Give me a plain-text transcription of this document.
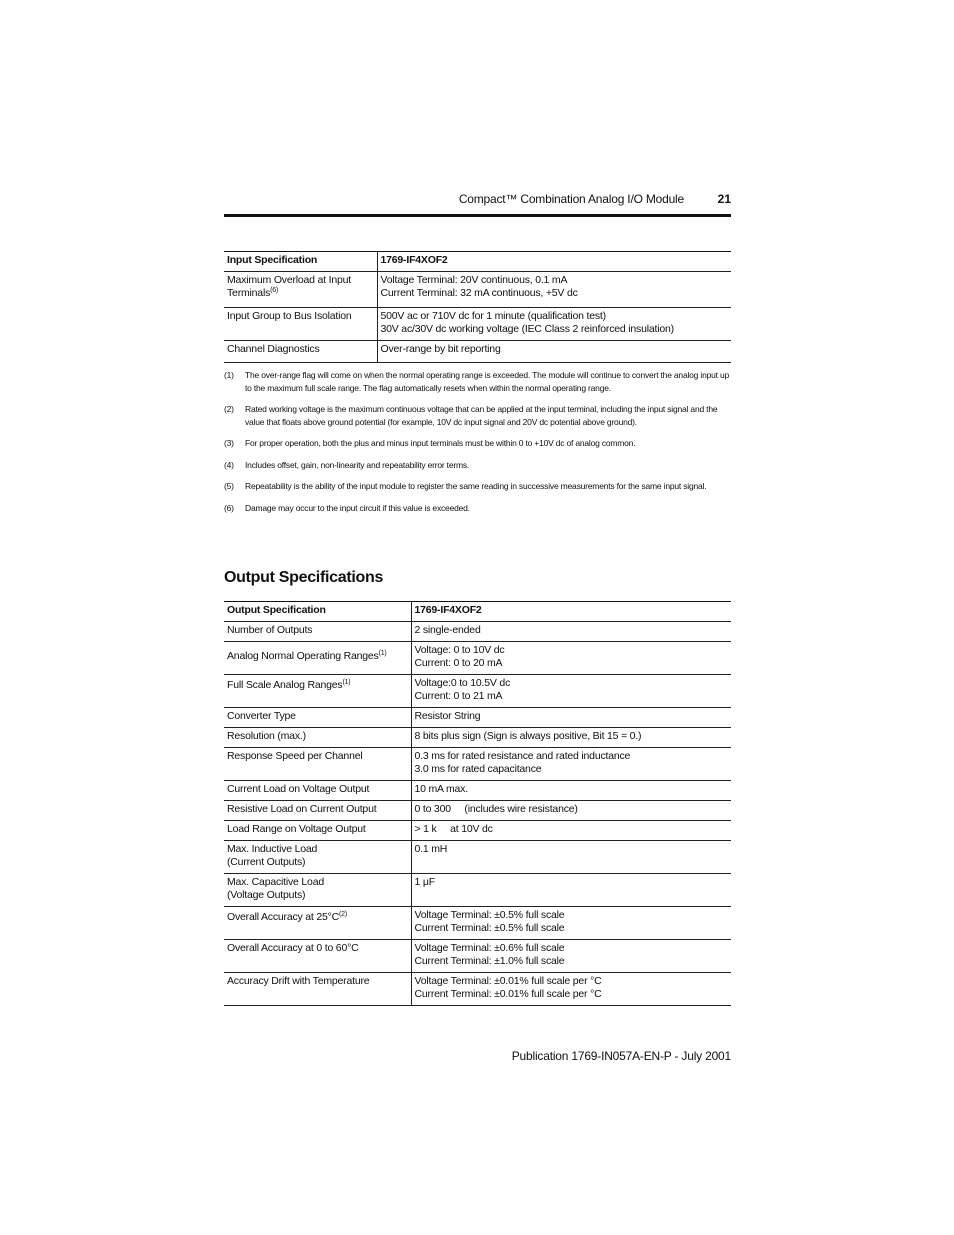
Compact™ Combination Analog I/O Module	21
Input Specification	1769-IF4XOF2
Maximum Overload at Input Terminals$^{(6)}$	Voltage Terminal: 20V continuous, 0.1 mA
Current Terminal: 32 mA continuous, +5V dc

Input Group to Bus Isolation	500V ac or 710V dc for 1 minute (qualification test)
30V ac/30V dc working voltage (IEC Class 2 reinforced insulation)

Channel Diagnostics	Over-range by bit reporting
(1) The over-range flag will come on when the normal operating range is exceeded. The module will continue to convert the analog input up to the maximum full scale range. The flag automatically resets when within the normal operating range.
(2) Rated working voltage is the maximum continuous voltage that can be applied at the input terminal, including the input signal and the value that floats above ground potential (for example, 10V dc input signal and 20V dc potential above ground).
(3) For proper operation, both the plus and minus input terminals must be within 0 to +10V dc of analog common.
(4) Includes offset, gain, non-linearity and repeatability error terms.
(5) Repeatability is the ability of the input module to register the same reading in successive measurements for the same input signal.
(6) Damage may occur to the input circuit if this value is exceeded.
Output Specifications
Output Specification	1769-IF4XOF2
Number of Outputs	2 single-ended

Analog Normal Operating Ranges$^{(1)}$	Voltage: 0 to 10V dc
Current: 0 to 20 mA

Full Scale Analog Ranges$^{(1)}$	Voltage:0 to 10.5V dc
Current: 0 to 21 mA

Converter Type	Resistor String
Resolution (max.)	8 bits plus sign (Sign is always positive, Bit 15 = 0.)
Response Speed per Channel	0.3 ms for rated resistance and rated inductance
3.0 ms for rated capacitance

Current Load on Voltage Output	10 mA max.
Resistive Load on Current Output	0 to 300     (includes wire resistance)
Load Range on Voltage Output	> 1 k     at 10V dc

Max. Inductive Load
(Current Outputs)	0.1 mH

Max. Capacitive Load
(Voltage Outputs)	1 μF

Overall Accuracy at $25^\circ C^{(2)}$	Voltage Terminal: ±0.5% full scale
Current Terminal: ±0.5% full scale

Overall Accuracy at 0 to 60°C	Voltage Terminal: ±0.6% full scale
Current Terminal: ±1.0% full scale

Accuracy Drift with Temperature	Voltage Terminal: ±0.01% full scale per °C
Current Terminal: ±0.01% full scale per °C
Publication 1769-IN057A-EN-P - July 2001
